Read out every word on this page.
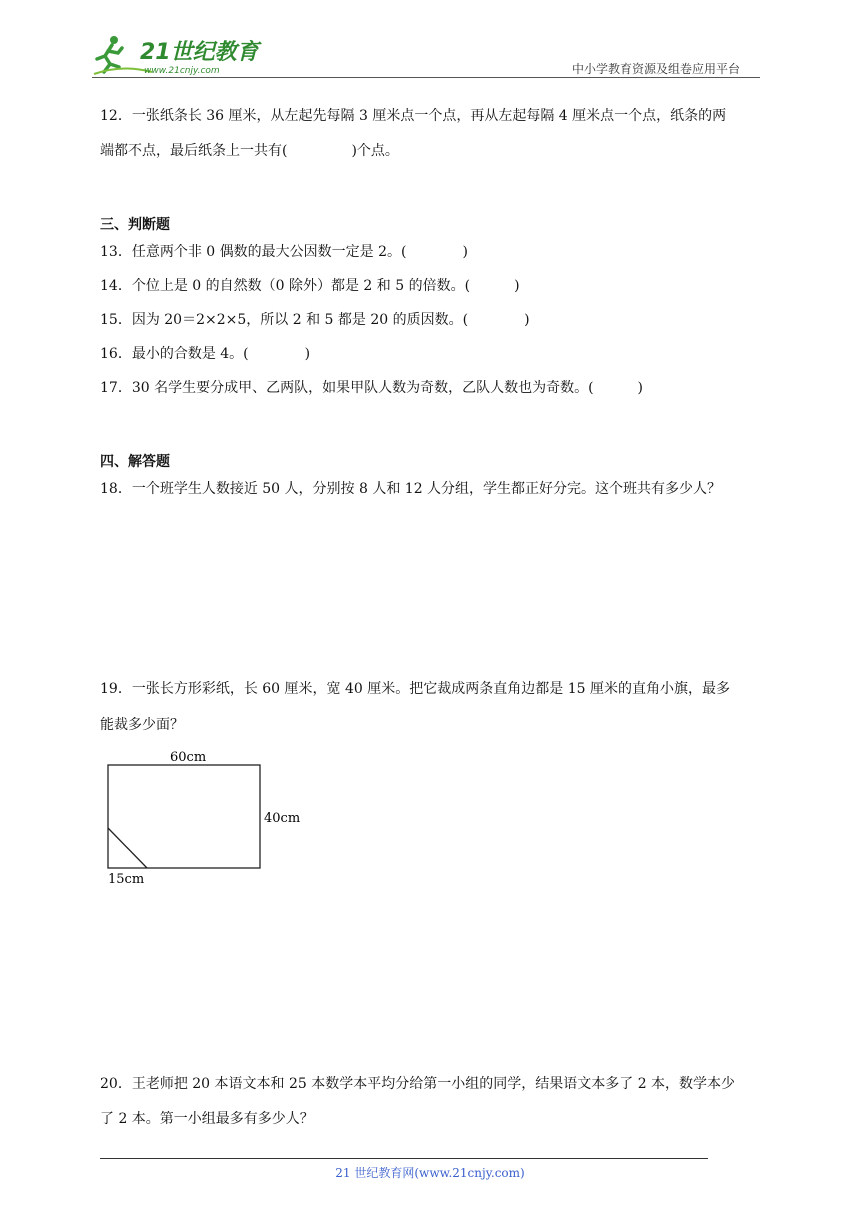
21世纪教育
www.21cnjy.com	中小学教育资源及组卷应用平台
12．一张纸条长 36 厘米，从左起先每隔 3 厘米点一个点，再从左起每隔 4 厘米点一个点，纸条的两
端都不点，最后纸条上一共有(	)个点。
三、判断题
13．任意两个非 0 偶数的最大公因数一定是 2。(	)
14．个位上是 0 的自然数（0 除外）都是 2 和 5 的倍数。(	)
15．因为 20＝2×2×5，所以 2 和 5 都是 20 的质因数。(	)
16．最小的合数是 4。(	)
17．30 名学生要分成甲、乙两队，如果甲队人数为奇数，乙队人数也为奇数。(	)
四、解答题
18．一个班学生人数接近 50 人，分别按 8 人和 12 人分组，学生都正好分完。这个班共有多少人？
19．一张长方形彩纸，长 60 厘米，宽 40 厘米。把它裁成两条直角边都是 15 厘米的直角小旗，最多
能裁多少面？
60cm
40cm
15cm
20．王老师把 20 本语文本和 25 本数学本平均分给第一小组的同学，结果语文本多了 2 本，数学本少
了 2 本。第一小组最多有多少人？
21 世纪教育网(www.21cnjy.com)
